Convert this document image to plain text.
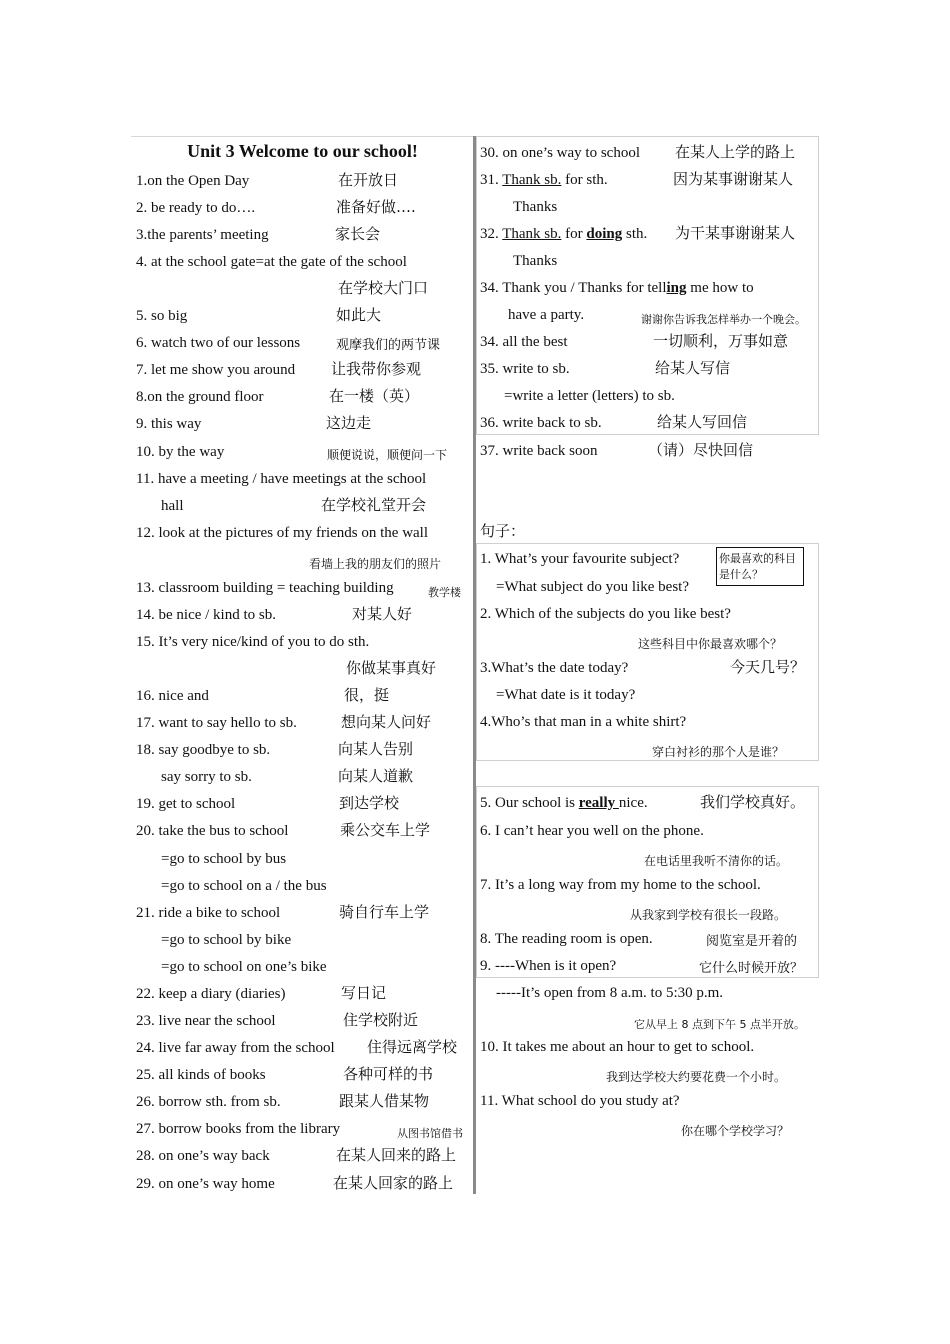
Unit 3 Welcome to our school!
1.on the Open Day	在开放日
2. be ready to do….	准备好做….
3.the parents’ meeting	家长会
4. at the school gate=at the gate of the school
在学校大门口
5. so big	如此大
6. watch two of our lessons	观摩我们的两节课
7. let me show you around 让我带你参观
8.on the ground floor	在一楼（英）
9. this way	这边走
10. by the way	顺便说说，顺便问一下
11. have a meeting / have meetings at the school
hall	在学校礼堂开会
12. look at the pictures of my friends on the wall
看墙上我的朋友们的照片
13. classroom building = teaching building	教学楼
14. be nice / kind to sb.	对某人好
15. It’s very nice/kind of you to do sth.
你做某事真好
16. nice and	很，挺
17. want to say hello to sb.	想向某人问好
18. say goodbye to sb.	向某人告别
say sorry to sb.	向某人道歉
19. get to school	到达学校
20. take the bus to school	乘公交车上学
=go to school by bus
=go to school on a / the bus
21. ride a bike to school	骑自行车上学
=go to school by bike
=go to school on one’s bike
22. keep a diary (diaries)	写日记
23. live near the school	住学校附近
24. live far away from the school 住得远离学校
25. all kinds of books	各种可样的书
26. borrow sth. from sb.	跟某人借某物
27. borrow books from the library	从图书馆借书
28. on one’s way back	在某人回来的路上
29. on one’s way home	在某人回家的路上
30. on one’s way to school 在某人上学的路上
31. Thank sb. for sth.	因为某事谢谢某人
Thanks
32. Thank sb. for doing sth. 为干某事谢谢某人
Thanks
34. Thank you / Thanks for telling me how to
have a party.	谢谢你告诉我怎样举办一个晚会。
34. all the best	一切顺利，万事如意
35. write to sb.	给某人写信
=write a letter (letters) to sb.
36. write back to sb.	给某人写回信
37. write back soon	（请）尽快回信
句子：
1. What’s your favourite subject?	你最喜欢的科目是什么？
=What subject do you like best?
2. Which of the subjects do you like best?
这些科目中你最喜欢哪个？
3.What’s the date today?	今天几号？
=What date is it today?
4.Who’s that man in a white shirt?
穿白衬衫的那个人是谁？
5. Our school is really nice.	我们学校真好。
6. I can’t hear you well on the phone.
在电话里我听不清你的话。
7. It’s a long way from my home to the school.
从我家到学校有很长一段路。
8. The reading room is open.	阅览室是开着的
9. ----When is it open?	它什么时候开放？
-----It’s open from 8 a.m. to 5:30 p.m.
它从早上 8 点到下午 5 点半开放。
10. It takes me about an hour to get to school.
我到达学校大约要花费一个小时。
11. What school do you study at?
你在哪个学校学习？
